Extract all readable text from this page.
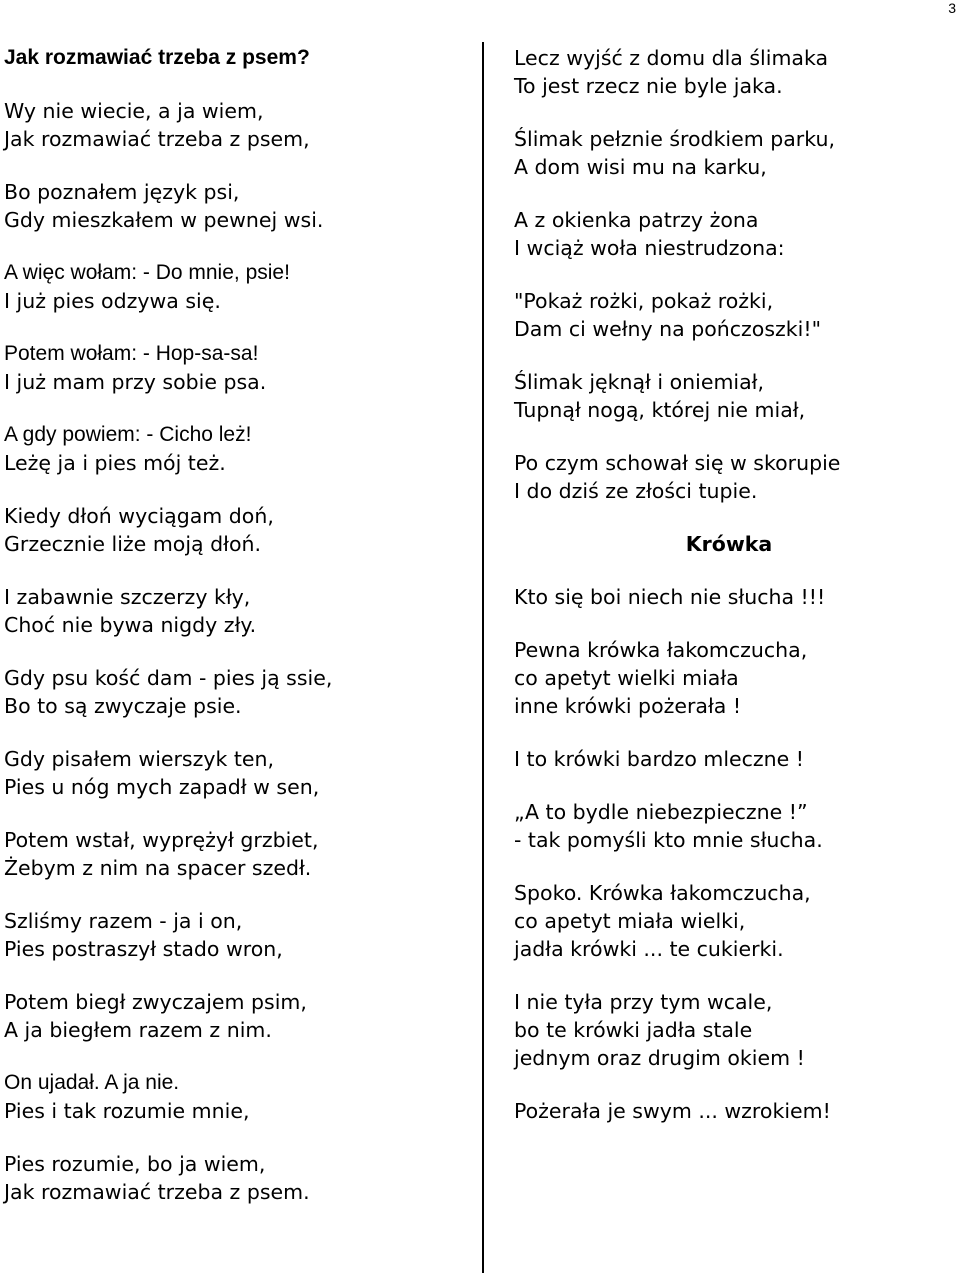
3
Jak rozmawiać trzeba z psem?
Wy nie wiecie, a ja wiem,
Jak rozmawiać trzeba z psem,
Bo poznałem język psi,
Gdy mieszkałem w pewnej wsi.
A więc wołam: - Do mnie, psie!
I już pies odzywa się.
Potem wołam: - Hop-sa-sa!
I już mam przy sobie psa.
A gdy powiem: - Cicho leż!
Leżę ja i pies mój też.
Kiedy dłoń wyciągam doń,
Grzecznie liże moją dłoń.
I zabawnie szczerzy kły,
Choć nie bywa nigdy zły.
Gdy psu kość dam - pies ją ssie,
Bo to są zwyczaje psie.
Gdy pisałem wierszyk ten,
Pies u nóg mych zapadł w sen,
Potem wstał, wyprężył grzbiet,
Żebym z nim na spacer szedł.
Szliśmy razem - ja i on,
Pies postraszył stado wron,
Potem biegł zwyczajem psim,
A ja biegłem razem z nim.
On ujadał. A ja nie.
Pies i tak rozumie mnie,
Pies rozumie, bo ja wiem,
Jak rozmawiać trzeba z psem.
Lecz wyjść z domu dla ślimaka
To jest rzecz nie byle jaka.
Ślimak pełznie środkiem parku,
A dom wisi mu na karku,
A z okienka patrzy żona
I wciąż woła niestrudzona:
"Pokaż rożki, pokaż rożki,
Dam ci wełny na pończoszki!"
Ślimak jęknął i oniemiał,
Tupnął nogą, której nie miał,
Po czym schował się w skorupie
I do dziś ze złości tupie.
Krówka
Kto się boi niech nie słucha !!!
Pewna krówka łakomczucha,
co apetyt wielki miała
inne krówki pożerała !
I to krówki bardzo mleczne !
„A to bydle niebezpieczne !”
- tak pomyśli kto mnie słucha.
Spoko. Krówka łakomczucha,
co apetyt miała wielki,
jadła krówki ... te cukierki.
I nie tyła przy tym wcale,
bo te krówki jadła stale
jednym oraz drugim okiem !
Pożerała je swym ... wzrokiem!
